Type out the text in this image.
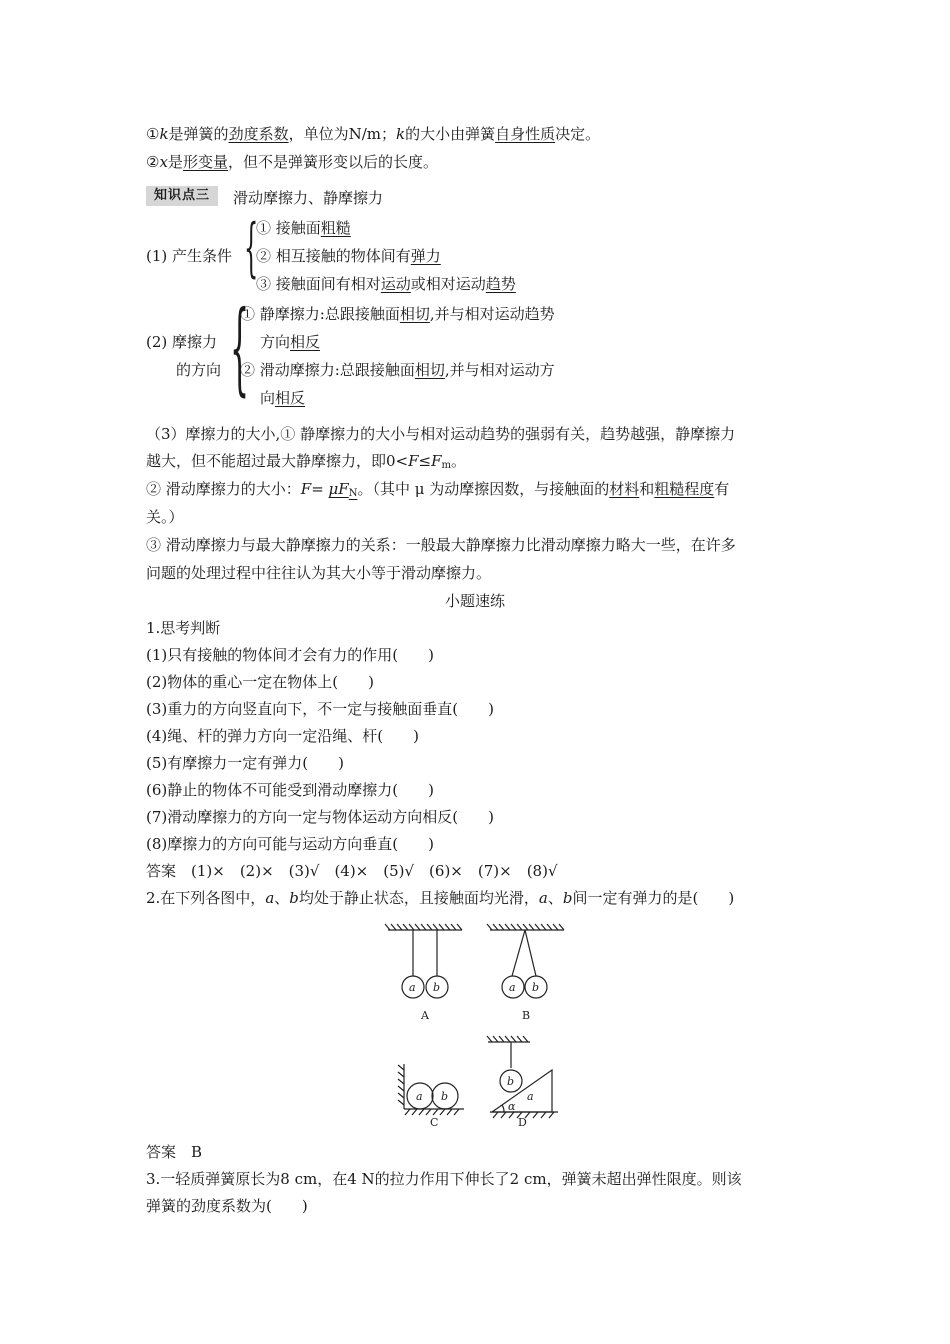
①k是弹簧的劲度系数，单位为N/m；k的大小由弹簧自身性质决定。
②x是形变量，但不是弹簧形变以后的长度。
知识点三	滑动摩擦力、静摩擦力
(1) 产生条件 {
① 接触面粗糙
② 相互接触的物体间有弹力
③ 接触面间有相对运动或相对运动趋势
(2) 摩擦力
的方向 {
① 静摩擦力:总跟接触面相切,并与相对运动趋势
方向相反
② 滑动摩擦力:总跟接触面相切,并与相对运动方
向相反
（3）摩擦力的大小,① 静摩擦力的大小与相对运动趋势的强弱有关，趋势越强，静摩擦力
越大，但不能超过最大静摩擦力，即$0<F\le F_m$。
② 滑动摩擦力的大小：$F= \mu F_N$。（其中 μ 为动摩擦因数，与接触面的材料和粗糙程度有
关。）
③ 滑动摩擦力与最大静摩擦力的关系：一般最大静摩擦力比滑动摩擦力略大一些，在许多
问题的处理过程中往往认为其大小等于滑动摩擦力。
小题速练
1.思考判断
(1)只有接触的物体间才会有力的作用(　　)
(2)物体的重心一定在物体上(　　)
(3)重力的方向竖直向下，不一定与接触面垂直(　　)
(4)绳、杆的弹力方向一定沿绳、杆(　　)
(5)有摩擦力一定有弹力(　　)
(6)静止的物体不可能受到滑动摩擦力(　　)
(7)滑动摩擦力的方向一定与物体运动方向相反(　　)
(8)摩擦力的方向可能与运动方向垂直(　　)
答案　(1)×　(2)×　(3)√　(4)×　(5)√　(6)×　(7)×　(8)√
2.在下列各图中，a、b均处于静止状态，且接触面均光滑，a、b间一定有弹力的是(　　)
a b	a b
a b
b
a
α
A	B
C	D
答案　B
3.一轻质弹簧原长为8 cm，在4 N的拉力作用下伸长了2 cm，弹簧未超出弹性限度。则该
弹簧的劲度系数为(　　)
